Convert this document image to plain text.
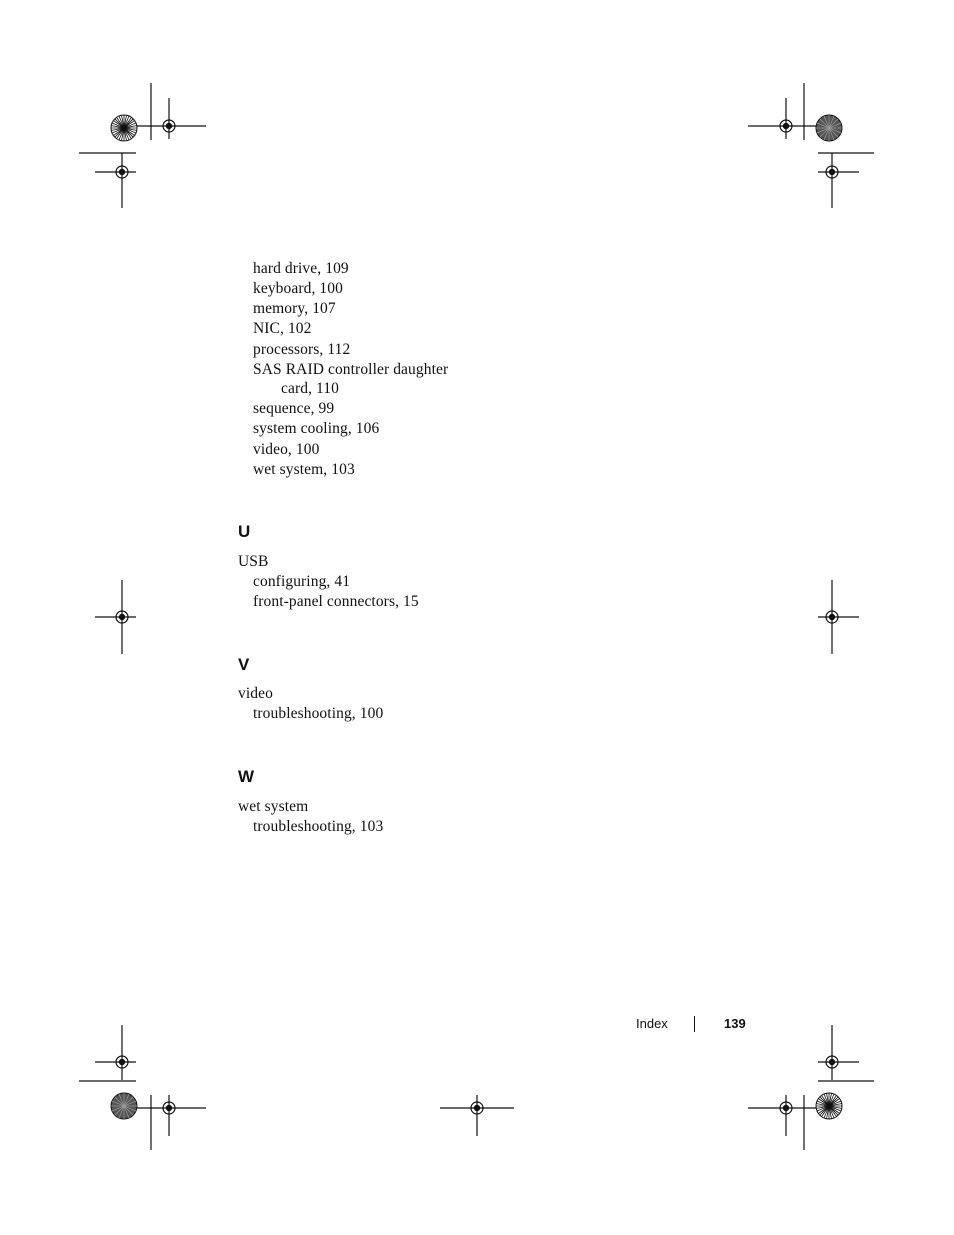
hard drive, 109
keyboard, 100
memory, 107
NIC, 102
processors, 112
SAS RAID controller daughter
card, 110
sequence, 99
system cooling, 106
video, 100
wet system, 103
U
USB
configuring, 41
front-panel connectors, 15
V
video
troubleshooting, 100
W
wet system
troubleshooting, 103
Index	139
